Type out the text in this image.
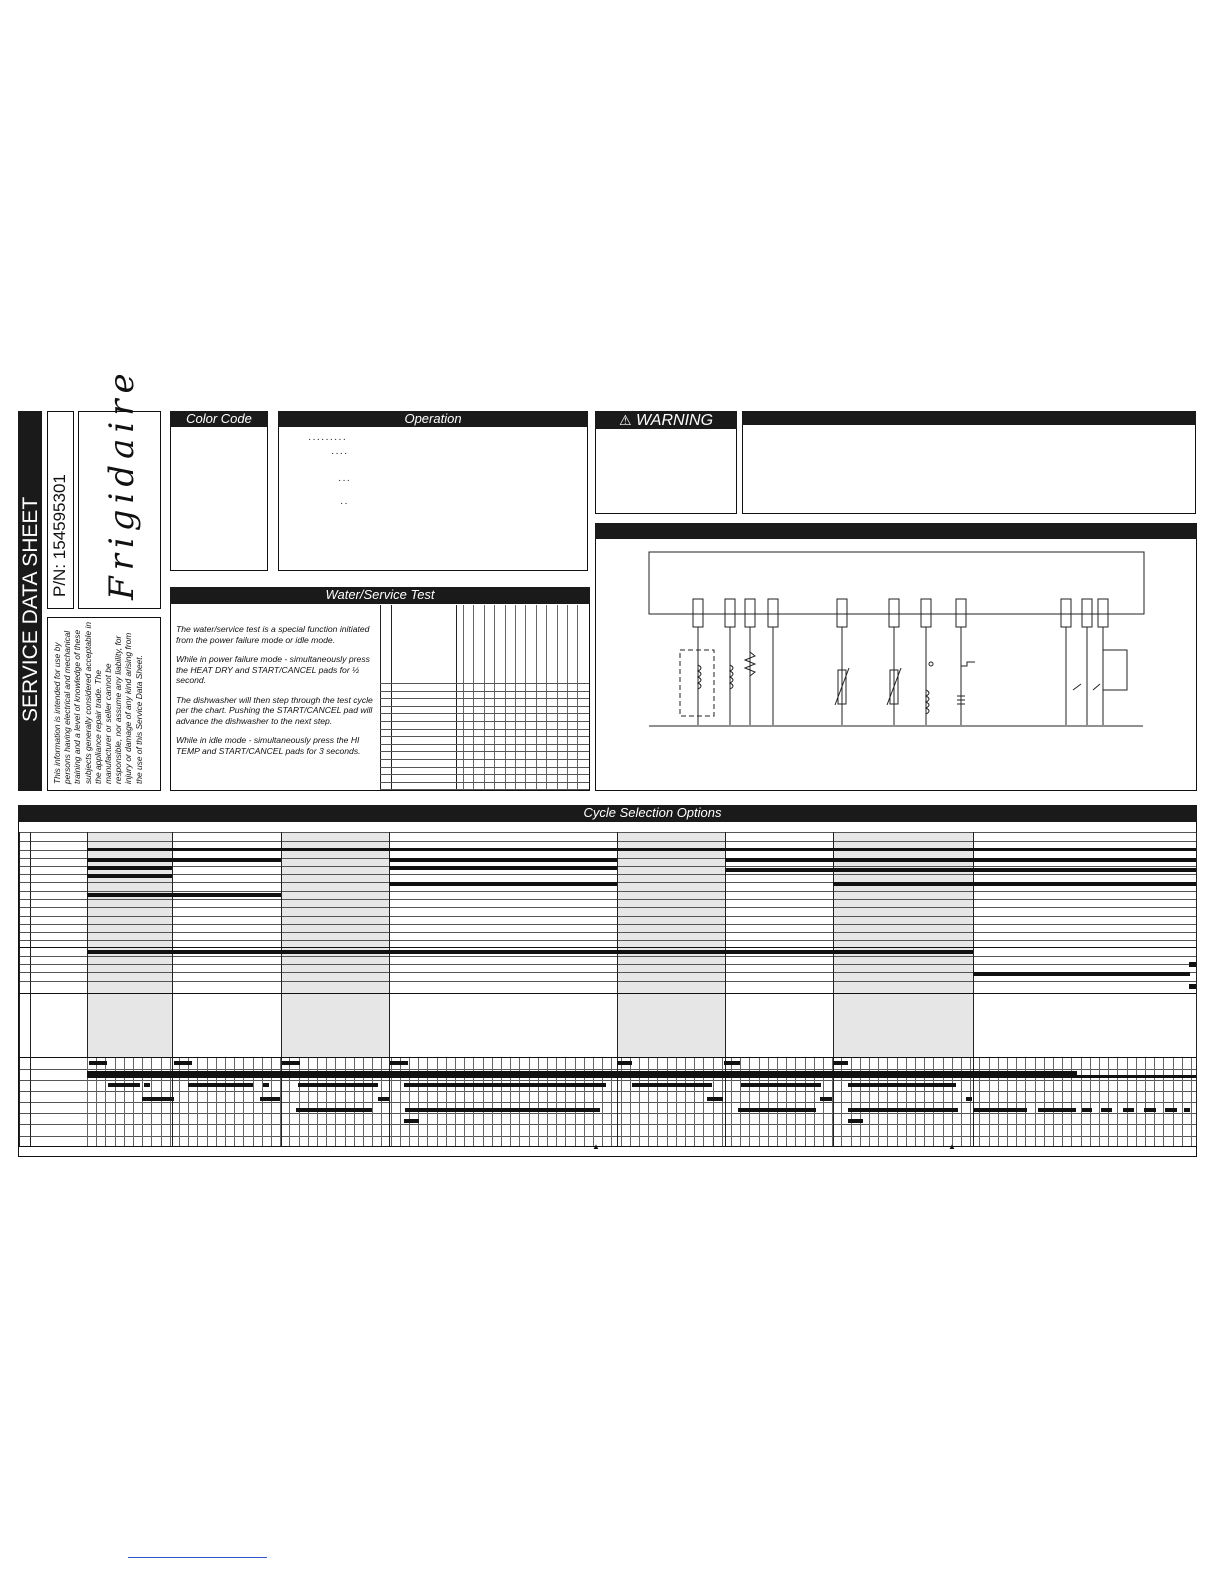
SERVICE DATA SHEET P/N: 154595301 Frigidaire
This information is intended for use by persons having electrical and mechanical training and a level of knowledge of these subjects generally considered acceptable in the appliance repair trade. The manufacturer or seller cannot be responsible, nor assume any liability, for injury or damage of any kind arising from the use of this Service Data Sheet.
Color Code	Operation
·········
····
···
··
⚠ WARNING
Water/Service Test

The water/service test is a special function initiated from the power failure mode or idle mode.

While in power failure mode - simultaneously press the HEAT DRY and START/CANCEL pads for ½ second.

The dishwasher will then step through the test cycle per the chart. Pushing the START/CANCEL pad will advance the dishwasher to the next step.

While in idle mode - simultaneously press the HI TEMP and START/CANCEL pads for 3 seconds.

Cycle Selection Options
▲	▲
